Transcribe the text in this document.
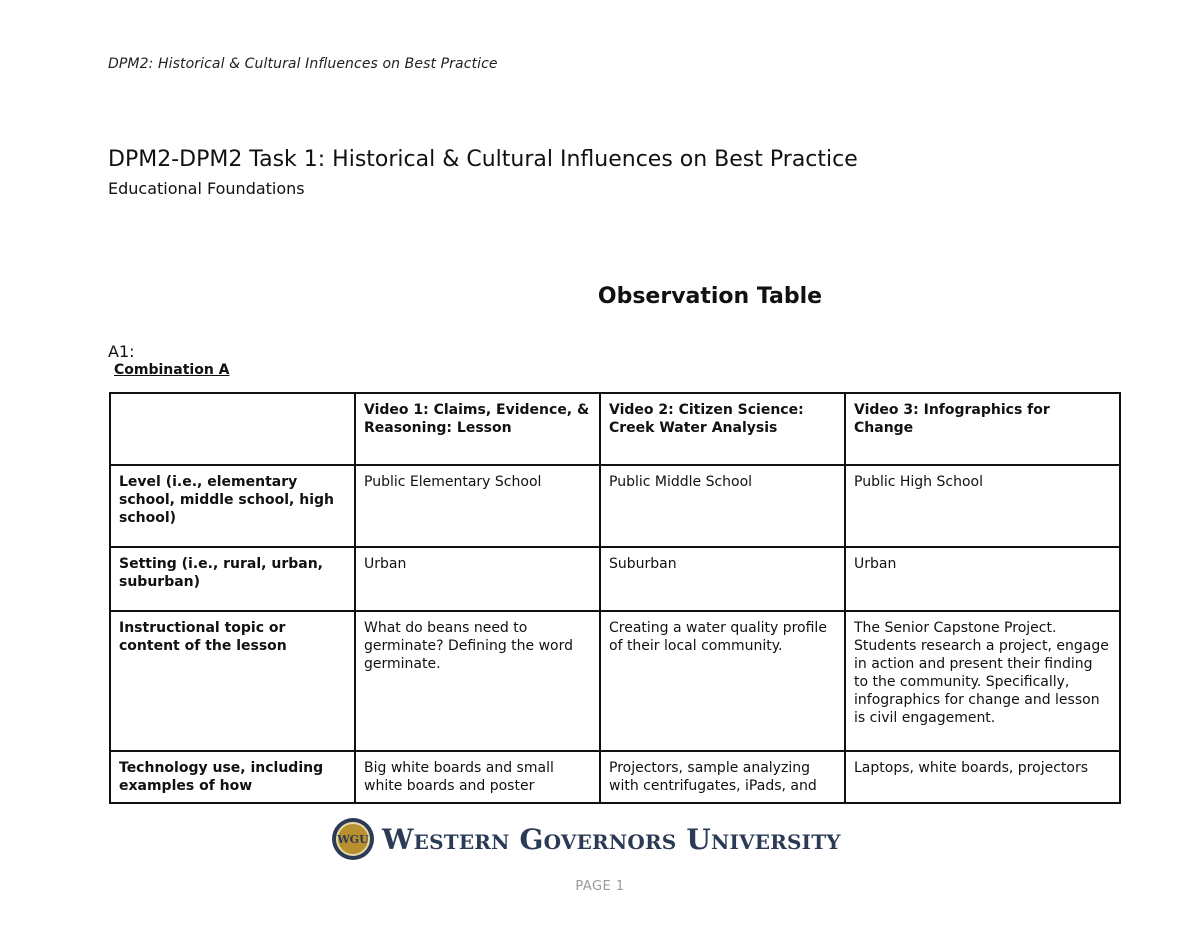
DPM2: Historical & Cultural Influences on Best Practice
DPM2-DPM2 Task 1: Historical & Cultural Influences on Best Practice
Educational Foundations
Observation Table
A1:
Combination A
	Video 1: Claims, Evidence, & Reasoning: Lesson	Video 2: Citizen Science: Creek Water Analysis	Video 3: Infographics for Change
Level (i.e., elementary school, middle school, high school)	Public Elementary School	Public Middle School	Public High School
Setting (i.e., rural, urban, suburban)	Urban	Suburban	Urban
Instructional topic or content of the lesson	What do beans need to germinate? Defining the word germinate.	Creating a water quality profile of their local community.	The Senior Capstone Project. Students research a project, engage in action and present their finding to the community. Specifically, infographics for change and lesson is civil engagement.
Technology use, including examples of how	Big white boards and small white boards and poster	Projectors, sample analyzing with centrifugates, iPads, and	Laptops, white boards, projectors
WGU Western Governors University
PAGE 1
